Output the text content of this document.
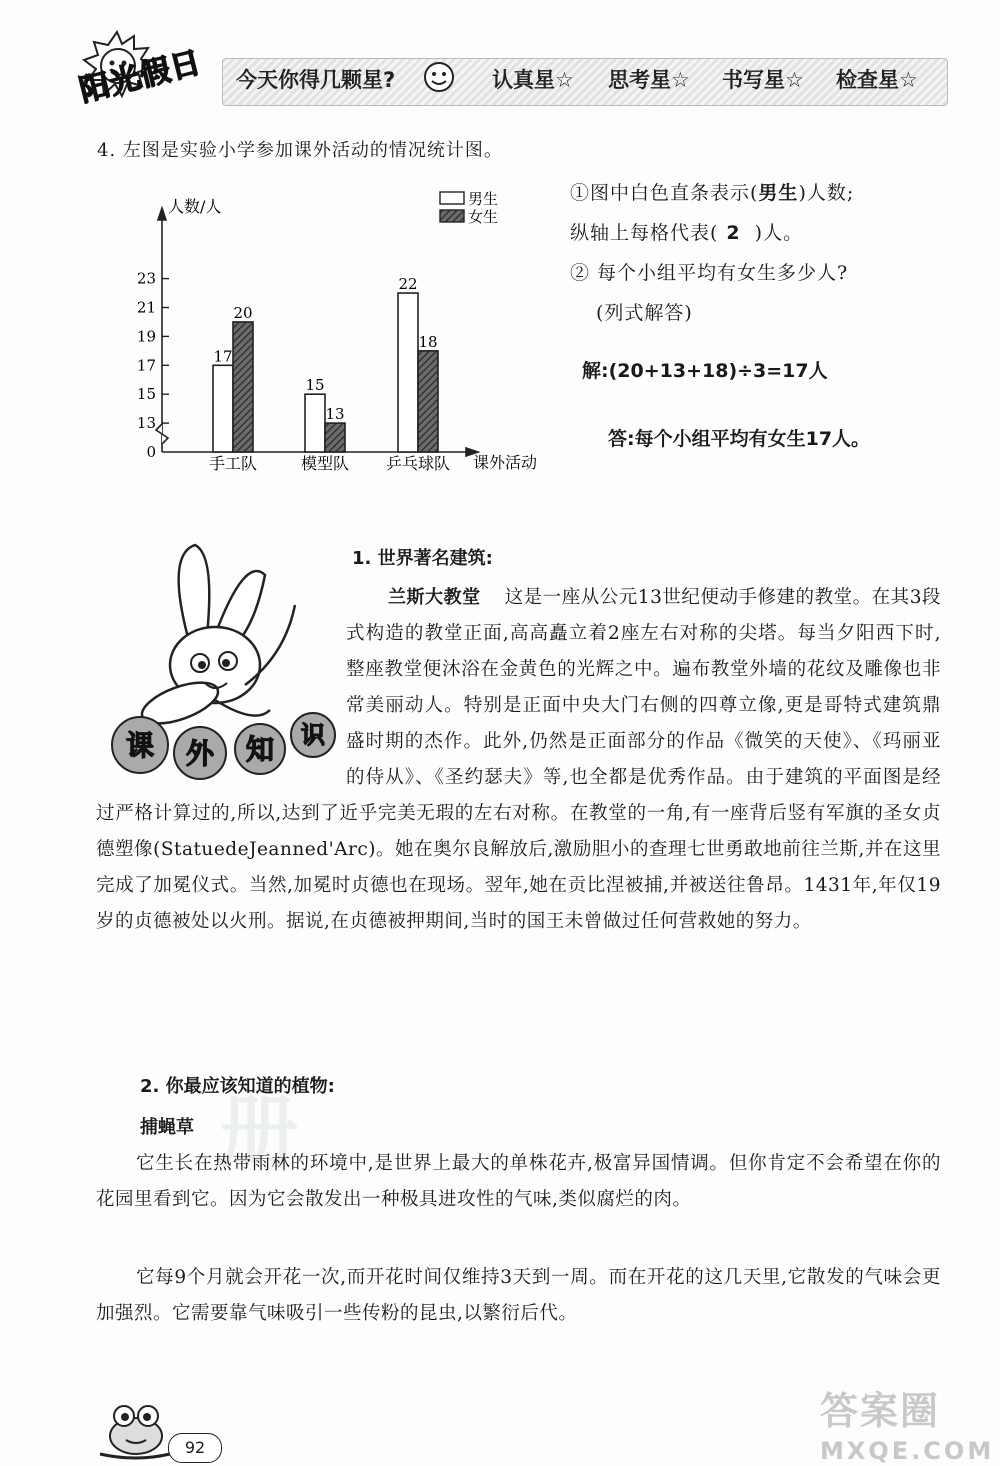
阳光假日	今天你得几颗星?	认真星☆ 思考星☆ 书写星☆ 检查星☆
4. 左图是实验小学参加课外活动的情况统计图。
0
13
15
17
19
21
23
17
20
15
13
22
18
手工队	模型队 乒乓球队
男生
女生
人数/人
课外活动
①图中白色直条表示(男生)人数;
纵轴上每格代表( 2 )人。
② 每个小组平均有女生多少人?
(列式解答)
解:(20+13+18)÷3=17人
答:每个小组平均有女生17人。
课 外 知 识
册
1. 世界著名建筑:
兰斯大教堂 这是一座从公元13世纪便动手修建的教堂。在其3段式构造的教堂正面,高高矗立着2座左右对称的尖塔。每当夕阳西下时,整座教堂便沐浴在金黄色的光辉之中。遍布教堂外墙的花纹及雕像也非常美丽动人。特别是正面中央大门右侧的四尊立像,更是哥特式建筑鼎盛时期的杰作。此外,仍然是正面部分的作品《微笑的天使》、《玛丽亚的侍从》、《圣约瑟夫》等,也全都是优秀作品。由于建筑的平面图是经过严格计算过的,所以,达到了近乎完美无瑕的左右对称。在教堂的一角,有一座背后竖有军旗的圣女贞德塑像(StatuedeJeanned'Arc)。她在奥尔良解放后,激励胆小的查理七世勇敢地前往兰斯,并在这里完成了加冕仪式。当然,加冕时贞德也在现场。翌年,她在贡比涅被捕,并被送往鲁昂。1431年,年仅19岁的贞德被处以火刑。据说,在贞德被押期间,当时的国王未曾做过任何营救她的努力。
2. 你最应该知道的植物:
捕蝇草
它生长在热带雨林的环境中,是世界上最大的单株花卉,极富异国情调。但你肯定不会希望在你的花园里看到它。因为它会散发出一种极具进攻性的气味,类似腐烂的肉。
它每9个月就会开花一次,而开花时间仅维持3天到一周。而在开花的这几天里,它散发的气味会更加强烈。它需要靠气味吸引一些传粉的昆虫,以繁衍后代。
92
答案圈
MXQE.COM
